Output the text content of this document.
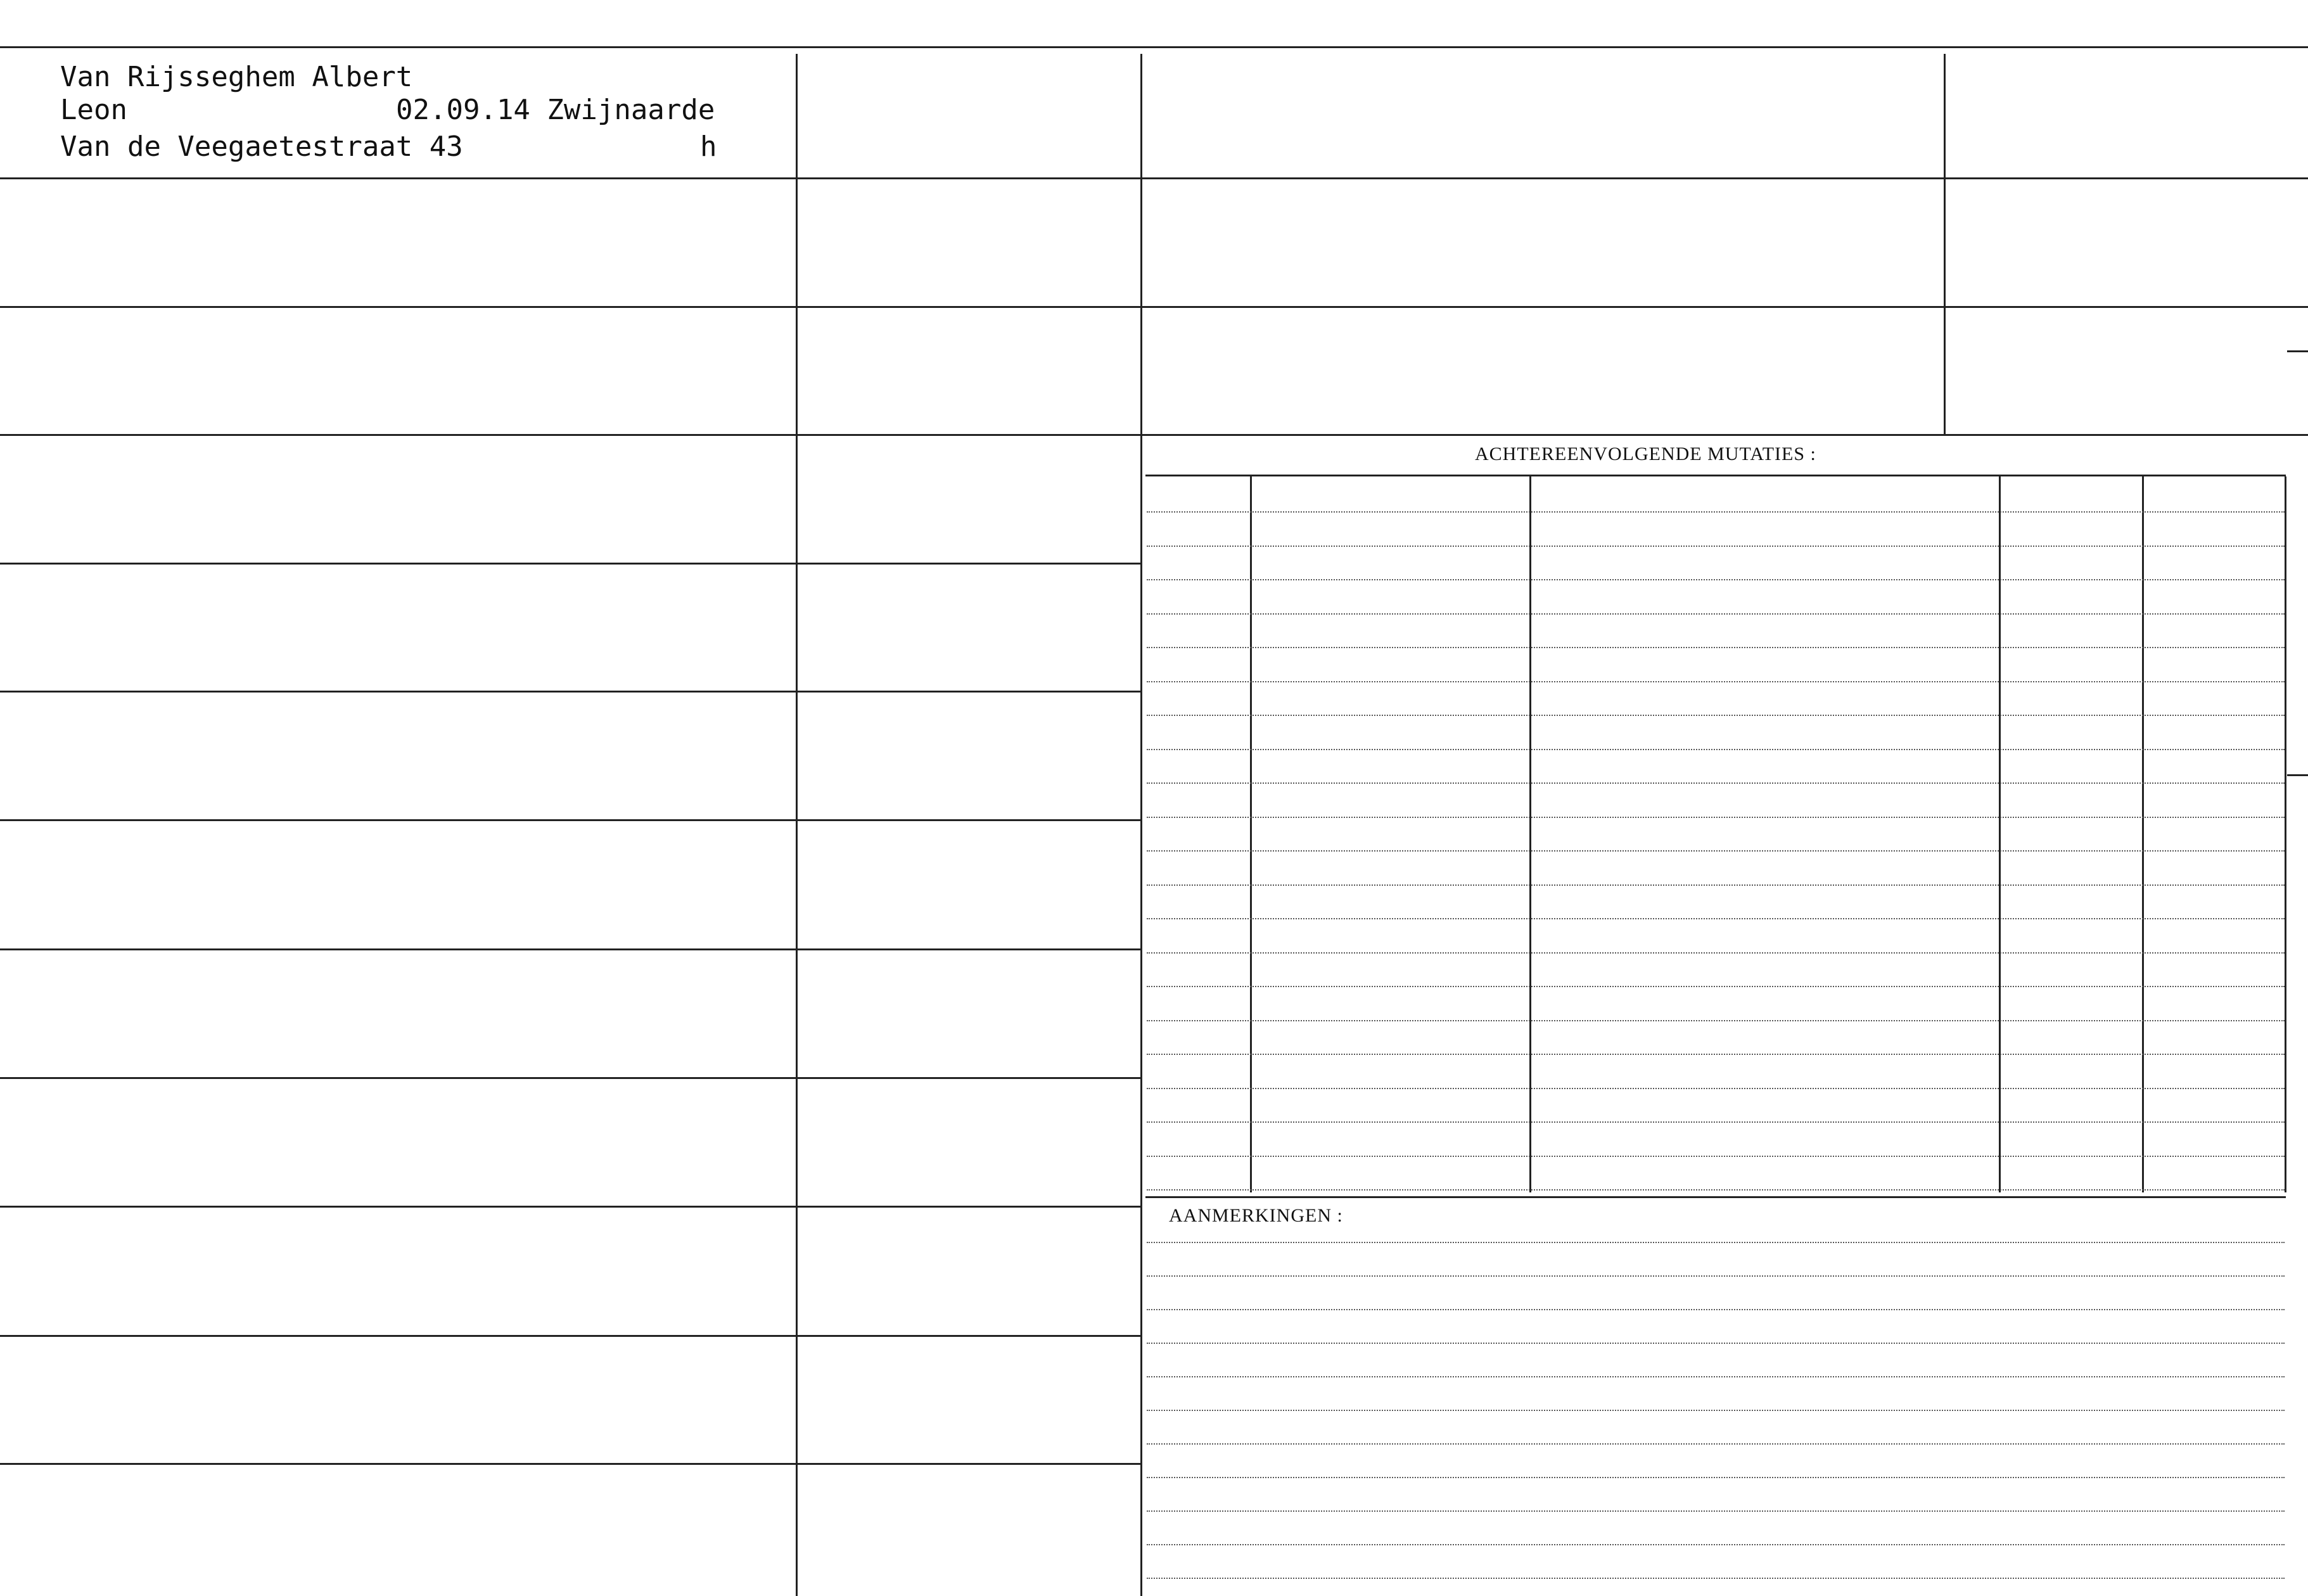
Van Rijsseghem Albert
Leon	02.09.14 Zwijnaarde
Van de Veegaetestraat 43	h
ACHTEREENVOLGENDE MUTATIES :
AANMERKINGEN :
